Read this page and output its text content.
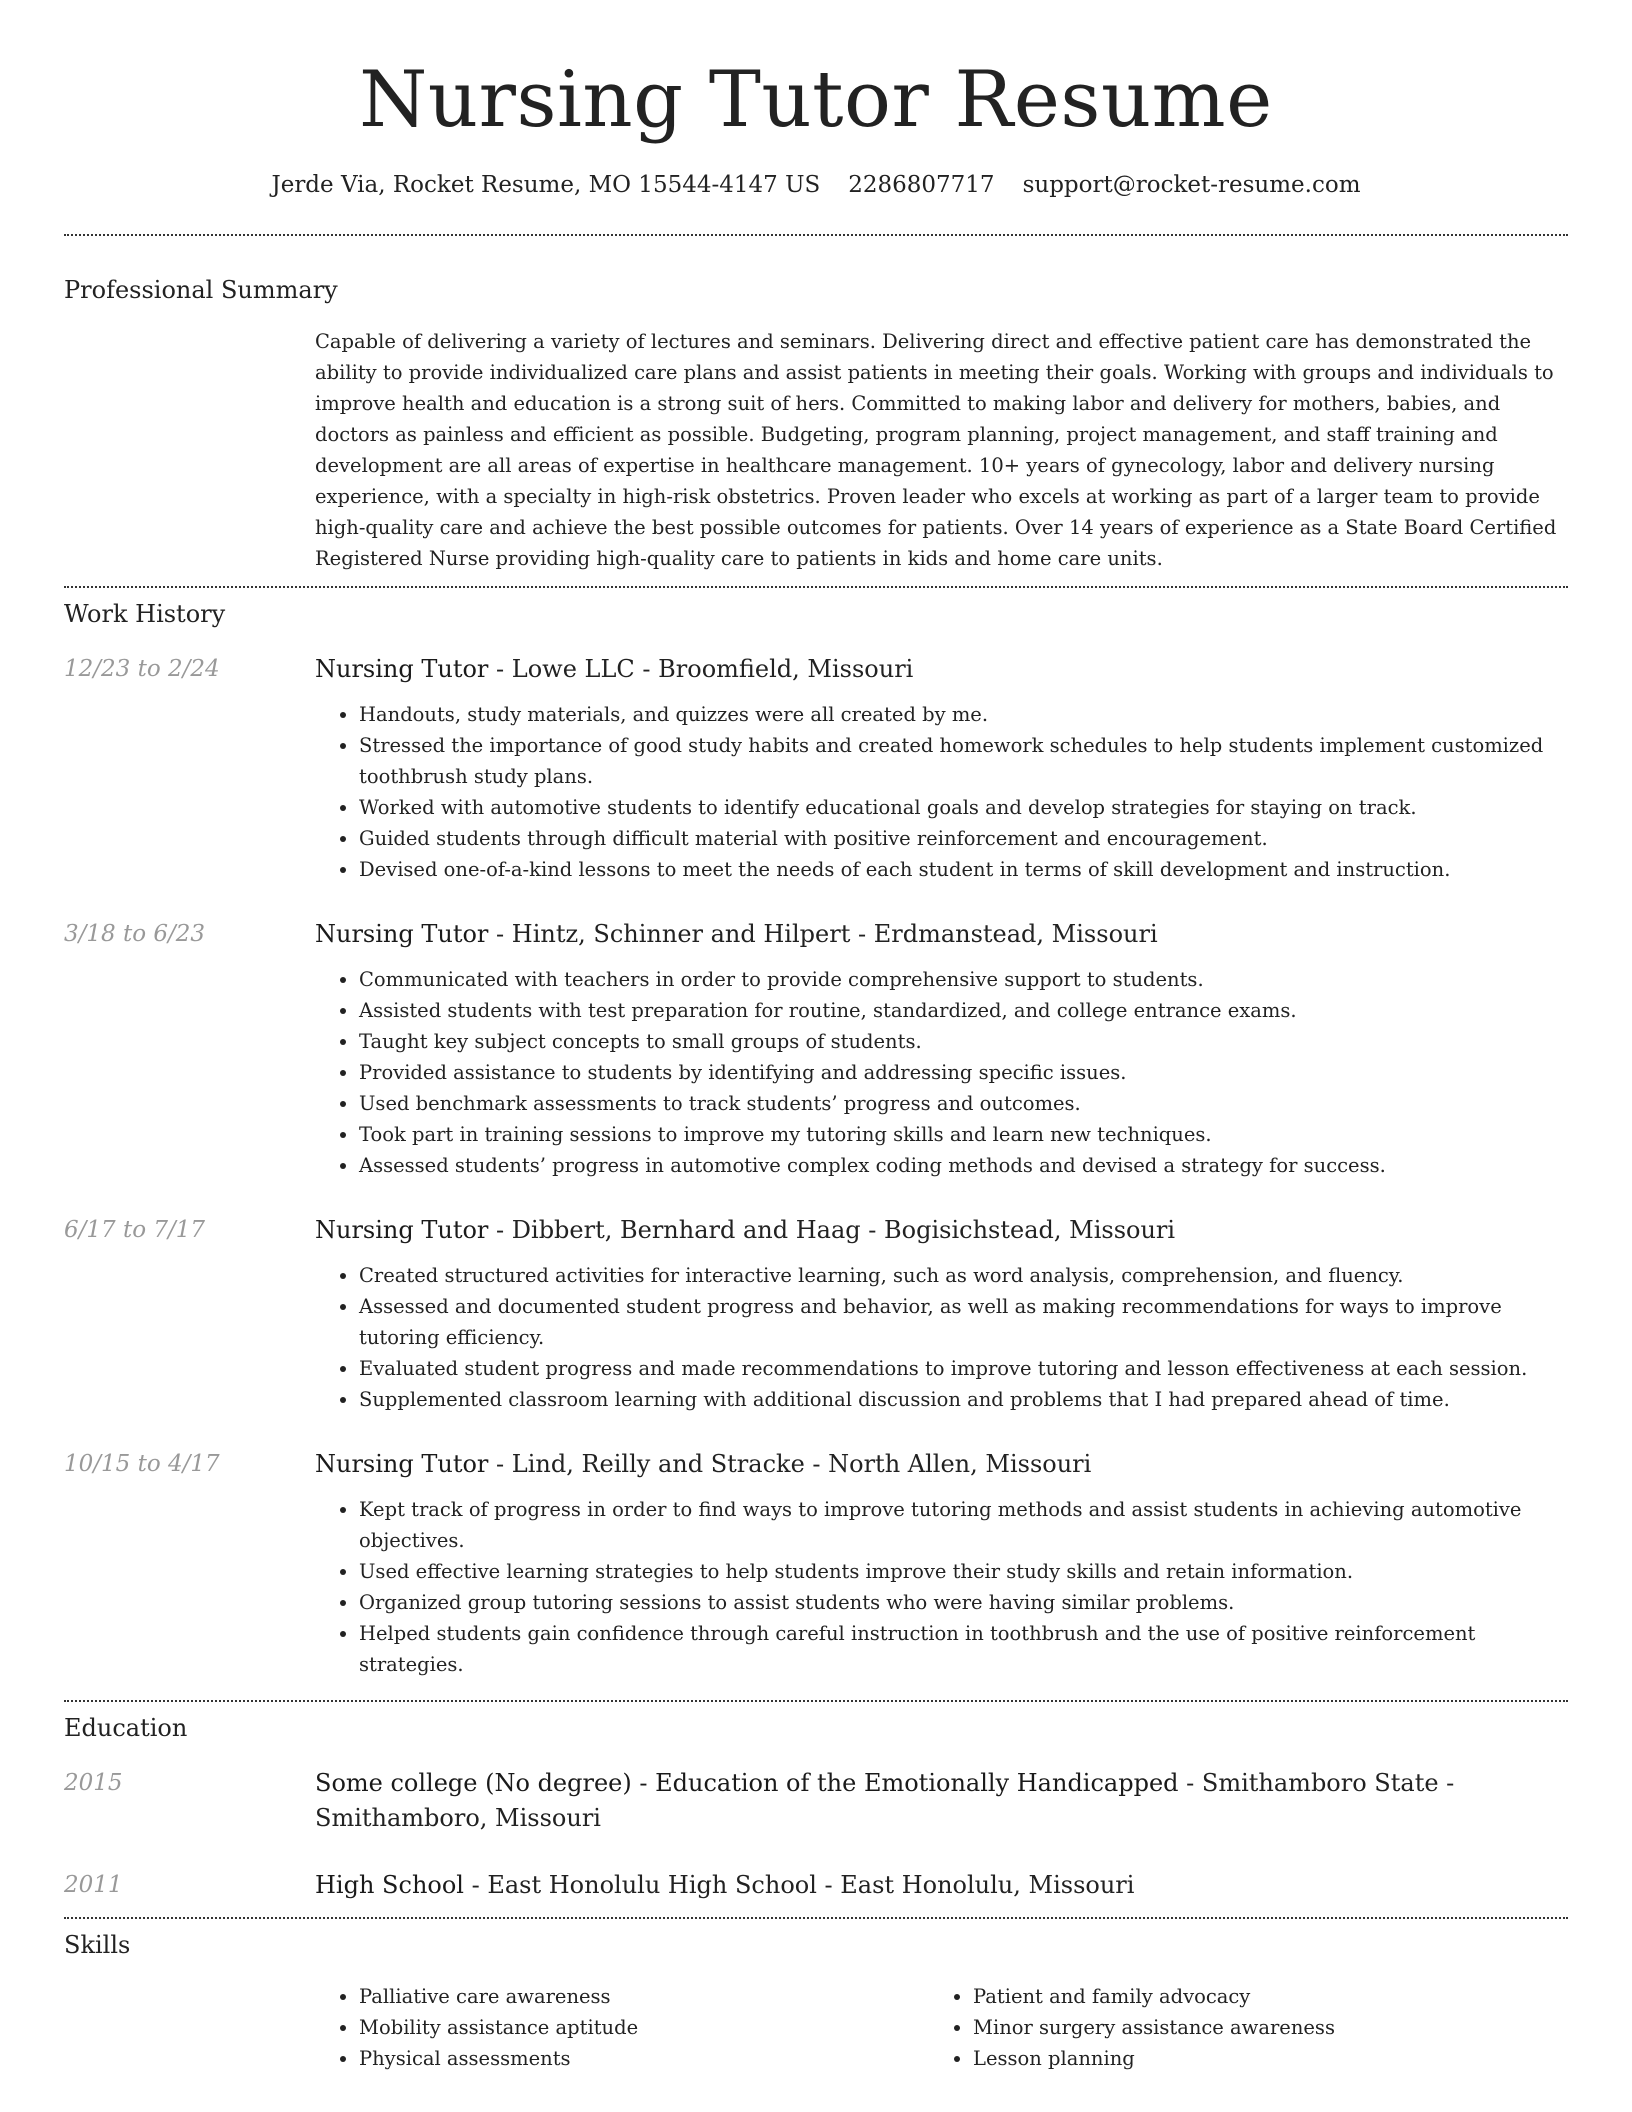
Nursing Tutor Resume
Jerde Via, Rocket Resume, MO 15544-4147 US 2286807717 support@rocket-resume.com
Professional Summary
Capable of delivering a variety of lectures and seminars. Delivering direct and effective patient care has demonstrated the ability to provide individualized care plans and assist patients in meeting their goals. Working with groups and individuals to improve health and education is a strong suit of hers. Committed to making labor and delivery for mothers, babies, and doctors as painless and efficient as possible. Budgeting, program planning, project management, and staff training and development are all areas of expertise in healthcare management. 10+ years of gynecology, labor and delivery nursing experience, with a specialty in high-risk obstetrics. Proven leader who excels at working as part of a larger team to provide high-quality care and achieve the best possible outcomes for patients. Over 14 years of experience as a State Board Certified Registered Nurse providing high-quality care to patients in kids and home care units.
Work History
12/23 to 2/24	Nursing Tutor - Lowe LLC - Broomfield, Missouri
• Handouts, study materials, and quizzes were all created by me.
• Stressed the importance of good study habits and created homework schedules to help students implement customized toothbrush study plans.
• Worked with automotive students to identify educational goals and develop strategies for staying on track.
• Guided students through difficult material with positive reinforcement and encouragement.
• Devised one-of-a-kind lessons to meet the needs of each student in terms of skill development and instruction.
3/18 to 6/23	Nursing Tutor - Hintz, Schinner and Hilpert - Erdmanstead, Missouri
• Communicated with teachers in order to provide comprehensive support to students.
• Assisted students with test preparation for routine, standardized, and college entrance exams.
• Taught key subject concepts to small groups of students.
• Provided assistance to students by identifying and addressing specific issues.
• Used benchmark assessments to track students’ progress and outcomes.
• Took part in training sessions to improve my tutoring skills and learn new techniques.
• Assessed students’ progress in automotive complex coding methods and devised a strategy for success.
6/17 to 7/17	Nursing Tutor - Dibbert, Bernhard and Haag - Bogisichstead, Missouri
• Created structured activities for interactive learning, such as word analysis, comprehension, and fluency.
• Assessed and documented student progress and behavior, as well as making recommendations for ways to improve tutoring efficiency.
• Evaluated student progress and made recommendations to improve tutoring and lesson effectiveness at each session.
• Supplemented classroom learning with additional discussion and problems that I had prepared ahead of time.
10/15 to 4/17	Nursing Tutor - Lind, Reilly and Stracke - North Allen, Missouri
• Kept track of progress in order to find ways to improve tutoring methods and assist students in achieving automotive objectives.
• Used effective learning strategies to help students improve their study skills and retain information.
• Organized group tutoring sessions to assist students who were having similar problems.
• Helped students gain confidence through careful instruction in toothbrush and the use of positive reinforcement strategies.
Education
2015	Some college (No degree) - Education of the Emotionally Handicapped - Smithamboro State - Smithamboro, Missouri
2011	High School - East Honolulu High School - East Honolulu, Missouri
Skills
• Palliative care awareness
• Mobility assistance aptitude
• Physical assessments
• Patient and family advocacy
• Minor surgery assistance awareness
• Lesson planning
